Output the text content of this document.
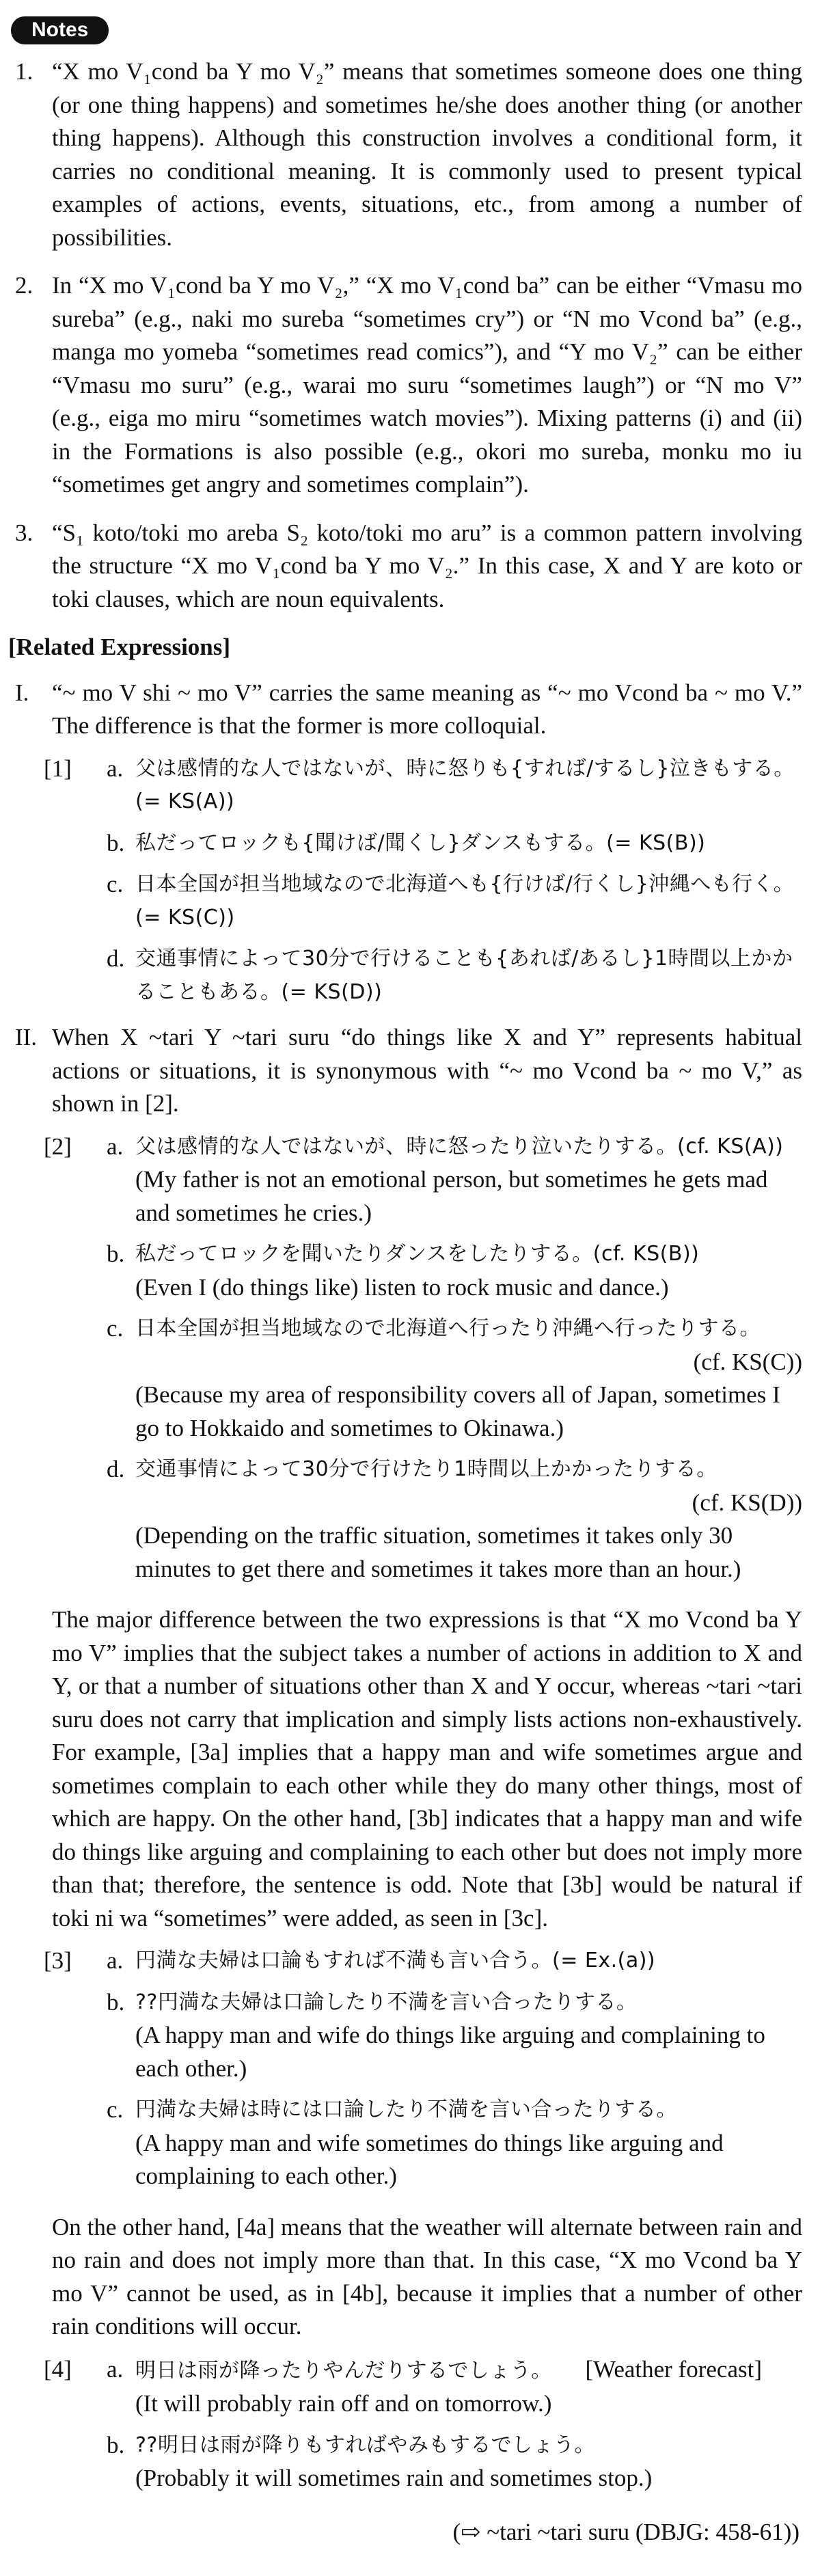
Notes
1. “X mo V₁cond ba Y mo V₂” means that sometimes someone does one thing (or one thing happens) and sometimes he/she does another thing (or another thing happens). Although this construction involves a conditional form, it carries no conditional meaning. It is commonly used to present typical examples of actions, events, situations, etc., from among a number of possibilities.
2. In “X mo V₁cond ba Y mo V₂,” “X mo V₁cond ba” can be either “Vmasu mo sureba” (e.g., naki mo sureba “sometimes cry”) or “N mo Vcond ba” (e.g., manga mo yomeba “sometimes read comics”), and “Y mo V₂” can be either “Vmasu mo suru” (e.g., warai mo suru “sometimes laugh”) or “N mo V” (e.g., eiga mo miru “sometimes watch movies”). Mixing patterns (i) and (ii) in the Formations is also possible (e.g., okori mo sureba, monku mo iu “sometimes get angry and sometimes complain”).
3. “S₁ koto/toki mo areba S₂ koto/toki mo aru” is a common pattern involving the structure “X mo V₁cond ba Y mo V₂.” In this case, X and Y are koto or toki clauses, which are noun equivalents.
[Related Expressions]
I. “~ mo V shi ~ mo V” carries the same meaning as “~ mo Vcond ba ~ mo V.” The difference is that the former is more colloquial.
[1]	a. 父は感情的な人ではないが、時に怒りも{すれば/するし}泣きもする。(= KS(A))
b. 私だってロックも{聞けば/聞くし}ダンスもする。(= KS(B))
c. 日本全国が担当地域なので北海道へも{行けば/行くし}沖縄へも行く。(= KS(C))
d. 交通事情によって30分で行けることも{あれば/あるし}1時間以上かかることもある。(= KS(D))
II. When X ~tari Y ~tari suru “do things like X and Y” represents habitual actions or situations, it is synonymous with “~ mo Vcond ba ~ mo V,” as shown in [2].
[2]	a. 父は感情的な人ではないが、時に怒ったり泣いたりする。(cf. KS(A))
(My father is not an emotional person, but sometimes he gets mad and sometimes he cries.)
b. 私だってロックを聞いたりダンスをしたりする。(cf. KS(B))
(Even I (do things like) listen to rock music and dance.)
c. 日本全国が担当地域なので北海道へ行ったり沖縄へ行ったりする。
(cf. KS(C))
(Because my area of responsibility covers all of Japan, sometimes I go to Hokkaido and sometimes to Okinawa.)
d. 交通事情によって30分で行けたり1時間以上かかったりする。
(cf. KS(D))
(Depending on the traffic situation, sometimes it takes only 30 minutes to get there and sometimes it takes more than an hour.)
The major difference between the two expressions is that “X mo Vcond ba Y mo V” implies that the subject takes a number of actions in addition to X and Y, or that a number of situations other than X and Y occur, whereas ~tari ~tari suru does not carry that implication and simply lists actions non-exhaustively. For example, [3a] implies that a happy man and wife sometimes argue and sometimes complain to each other while they do many other things, most of which are happy. On the other hand, [3b] indicates that a happy man and wife do things like arguing and complaining to each other but does not imply more than that; therefore, the sentence is odd. Note that [3b] would be natural if toki ni wa “sometimes” were added, as seen in [3c].
[3]	a. 円満な夫婦は口論もすれば不満も言い合う。(= Ex.(a))
b. ??円満な夫婦は口論したり不満を言い合ったりする。
(A happy man and wife do things like arguing and complaining to each other.)
c. 円満な夫婦は時には口論したり不満を言い合ったりする。
(A happy man and wife sometimes do things like arguing and complaining to each other.)
On the other hand, [4a] means that the weather will alternate between rain and no rain and does not imply more than that. In this case, “X mo Vcond ba Y mo V” cannot be used, as in [4b], because it implies that a number of other rain conditions will occur.
[4]	a. 明日は雨が降ったりやんだりするでしょう。 [Weather forecast]
(It will probably rain off and on tomorrow.)
b. ??明日は雨が降りもすればやみもするでしょう。
(Probably it will sometimes rain and sometimes stop.)
(⇨ ~tari ~tari suru (DBJG: 458-61))
